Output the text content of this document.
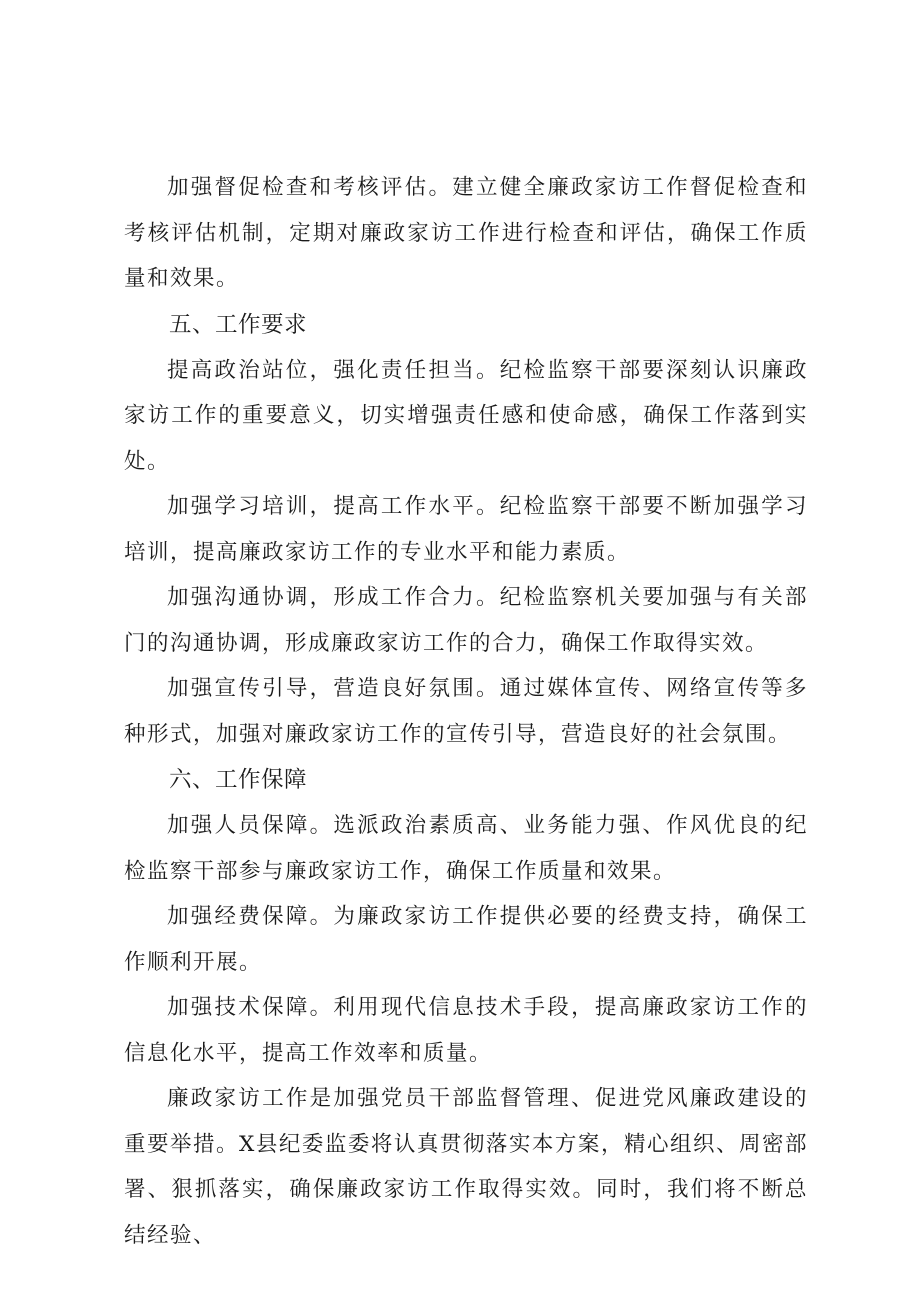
加强督促检查和考核评估。建立健全廉政家访工作督促检查和考核评估机制，定期对廉政家访工作进行检查和评估，确保工作质量和效果。

五、工作要求

提高政治站位，强化责任担当。纪检监察干部要深刻认识廉政家访工作的重要意义，切实增强责任感和使命感，确保工作落到实处。

加强学习培训，提高工作水平。纪检监察干部要不断加强学习培训，提高廉政家访工作的专业水平和能力素质。

加强沟通协调，形成工作合力。纪检监察机关要加强与有关部门的沟通协调，形成廉政家访工作的合力，确保工作取得实效。

加强宣传引导，营造良好氛围。通过媒体宣传、网络宣传等多种形式，加强对廉政家访工作的宣传引导，营造良好的社会氛围。

六、工作保障

加强人员保障。选派政治素质高、业务能力强、作风优良的纪检监察干部参与廉政家访工作，确保工作质量和效果。

加强经费保障。为廉政家访工作提供必要的经费支持，确保工作顺利开展。

加强技术保障。利用现代信息技术手段，提高廉政家访工作的信息化水平，提高工作效率和质量。

廉政家访工作是加强党员干部监督管理、促进党风廉政建设的重要举措。X县纪委监委将认真贯彻落实本方案，精心组织、周密部署、狠抓落实，确保廉政家访工作取得实效。同时，我们将不断总结经验、
